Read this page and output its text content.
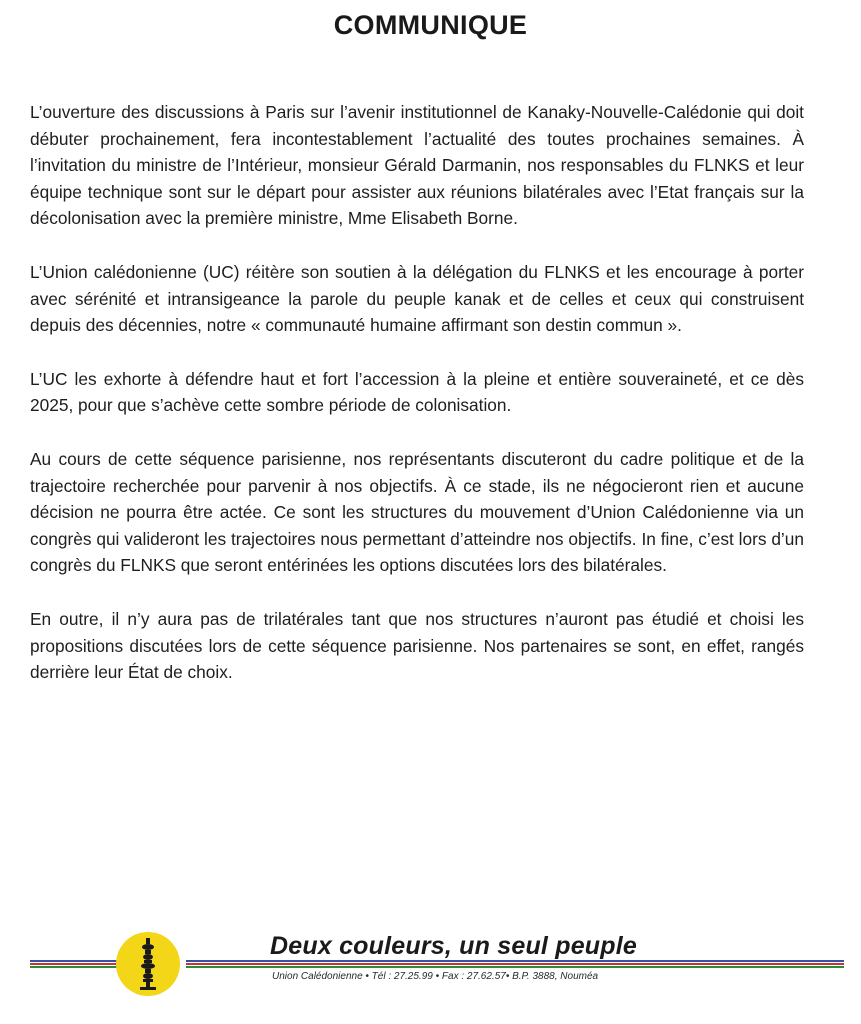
COMMUNIQUE

L’ouverture des discussions à Paris sur l’avenir institutionnel de Kanaky-Nouvelle-Calédonie qui doit débuter prochainement, fera incontestablement l’actualité des toutes prochaines semaines. À l’invitation du ministre de l’Intérieur, monsieur Gérald Darmanin, nos responsables du FLNKS et leur équipe technique sont sur le départ pour assister aux réunions bilatérales avec l’Etat français sur la décolonisation avec la première ministre, Mme Elisabeth Borne.

L’Union calédonienne (UC) réitère son soutien à la délégation du FLNKS et les encourage à porter avec sérénité et intransigeance la parole du peuple kanak et de celles et ceux qui construisent depuis des décennies, notre « communauté humaine affirmant son destin commun ».

L’UC les exhorte à défendre haut et fort l’accession à la pleine et entière souveraineté, et ce dès 2025, pour que s’achève cette sombre période de colonisation.

Au cours de cette séquence parisienne, nos représentants discuteront du cadre politique et de la trajectoire recherchée pour parvenir à nos objectifs. À ce stade, ils ne négocieront rien et aucune décision ne pourra être actée. Ce sont les structures du mouvement d’Union Calédonienne via un congrès qui valideront les trajectoires nous permettant d’atteindre nos objectifs. In fine, c’est lors d’un congrès du FLNKS que seront entérinées les options discutées lors des bilatérales.

En outre, il n’y aura pas de trilatérales tant que nos structures n’auront pas étudié et choisi les propositions discutées lors de cette séquence parisienne. Nos partenaires se sont, en effet, rangés derrière leur État de choix.

Deux couleurs, un seul peuple
Union Calédonienne • Tél : 27.25.99 • Fax : 27.62.57• B.P. 3888, Nouméa
